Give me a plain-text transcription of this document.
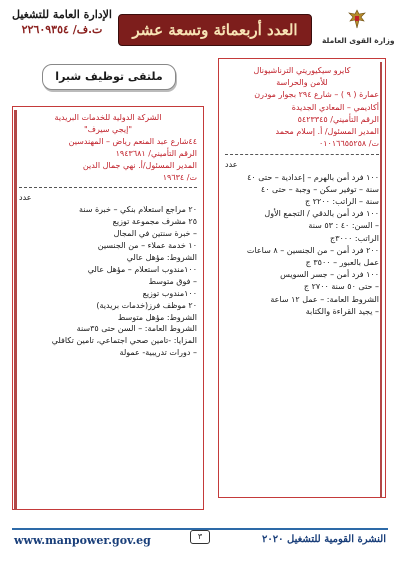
وزارة القوى العاملة
العدد أربعمائة وتسعة عشر
الإدارة العامة للتشغيل
ت.ف/ ٢٢٦٠٩٣٥٤
كايرو سيكيوريتي الترناشيونال
للأمن والحراسة
عمارة ( ٩ ) – شارع ٢٩٤ بجوار مودرن
أكاديمي – المعادي الجديدة
الرقم التأميني/ ٥٤٢٣٣٤٥
المدير المسئول/ أ. إسلام محمد
ت/ ٠١٠١٦٦٥٥٢٥٨
عدد
١٠٠ فرد أمن بالهرم – إعدادية – حتى ٤٠
سنة – توفير سكن – وجبة – حتى ٤٠
سنة – الراتب: ٢٢٠٠ ج
١٠٠ فرد أمن بالدقي / التجمع الأول
– السن: ٤٠ : ٥٣ سنة
الراتب: ٣٠٠٠ج
٢٠٠ فرد أمن – من الجنسين – ٨ ساعات
عمل بالعبور – ٣٥٠٠ ج
١٠٠ فرد أمن – جسر السويس
– حتى ٥٠ سنة ٢٧٠٠ ج
الشروط العامة: – عمل ١٢ ساعة
– يجيد القراءة والكتابة
ملتقى توظيف شبرا
الشركة الدولية للخدمات البريدية
"إيجي سيرف"
٤٤شارع عبد المنعم رياض – المهندسين
الرقم التأميني/ ١٩٤٣٦٨١
المدير المسئول/أ. نهي جمال الدين
ت/ ١٩٦٣٤
عدد
٢٠ مراجع استعلام بنكي – خبرة سنة
٢٥ مشرف مجموعة توزيع
– خبرة سنتين في المجال
١٠ خدمة عملاء – من الجنسين
الشروط: مؤهل عالي
١٠٠مندوب استعلام – مؤهل عالي
– فوق متوسط
١٠٠مندوب توزيع
٢٠ موظف فرز(خدمات بريدية)
الشروط: مؤهل متوسط
الشروط العامة: – السن حتى ٣٥سنة
المزايا: -تامين صحي اجتماعي، تامين تكافلي
– دورات تدريبية- عمولة
www.manpower.gov.eg	٣	النشرة القومية للتشغيل ٢٠٢٠
